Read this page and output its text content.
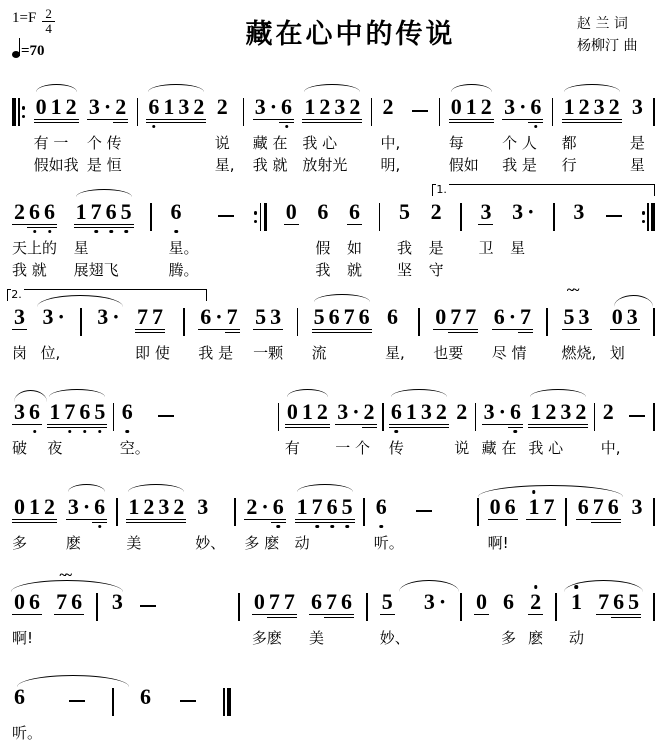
$1=F \frac{2}{4}$
=70
藏在心中的传说	赵 兰 词
杨柳汀 曲
0 1 2
有 一
假如我
3 · 2
个 传
是 恒
6 1 3 2 2
说
星,
3 · 6
藏 在
我 就
1 2 3 2
我 心
放射光
2
中,
明,
0 1 2
每
假如
3 · 6
个 人
我 是
1 2 3 2
都
行
3
是
星
1.
2 6 6
天上的
我 就
1 7 6 5
星
展翅飞
6
星。
腾。
0 6
假
我
6
如
就
5
我
坚
2
是
守
3
卫
3 ·
星
3
2.
3
岗
3 ·
位,
3 · 7 7
即 使
6 · 7
我 是
5 3
一颗
5 6 7 6
流
6
星,
0 7 7
也要
6 · 7
尽 情
~~
5 3
燃烧,
0 3
划
3 6
破
1 7 6 5
夜
6
空。
0 1 2
有
3 · 2
一 个
6 1 3 2
传
2
说
3 · 6
藏 在
1 2 3 2
我 心
2
中,
0 1 2
多
3 · 6
麽
1 2 3 2
美
3
妙、
2 · 6
多 麽
1 7 6 5
动
6
听。
0 6
啊!
1 7 6 7 6 3
0 6
啊!
~~
7 6 3	0 7 7
多麽
6 7 6
美
5
妙、
3 · 0 6
多
2
麽
1
动
7 6 5
6
听。
6
